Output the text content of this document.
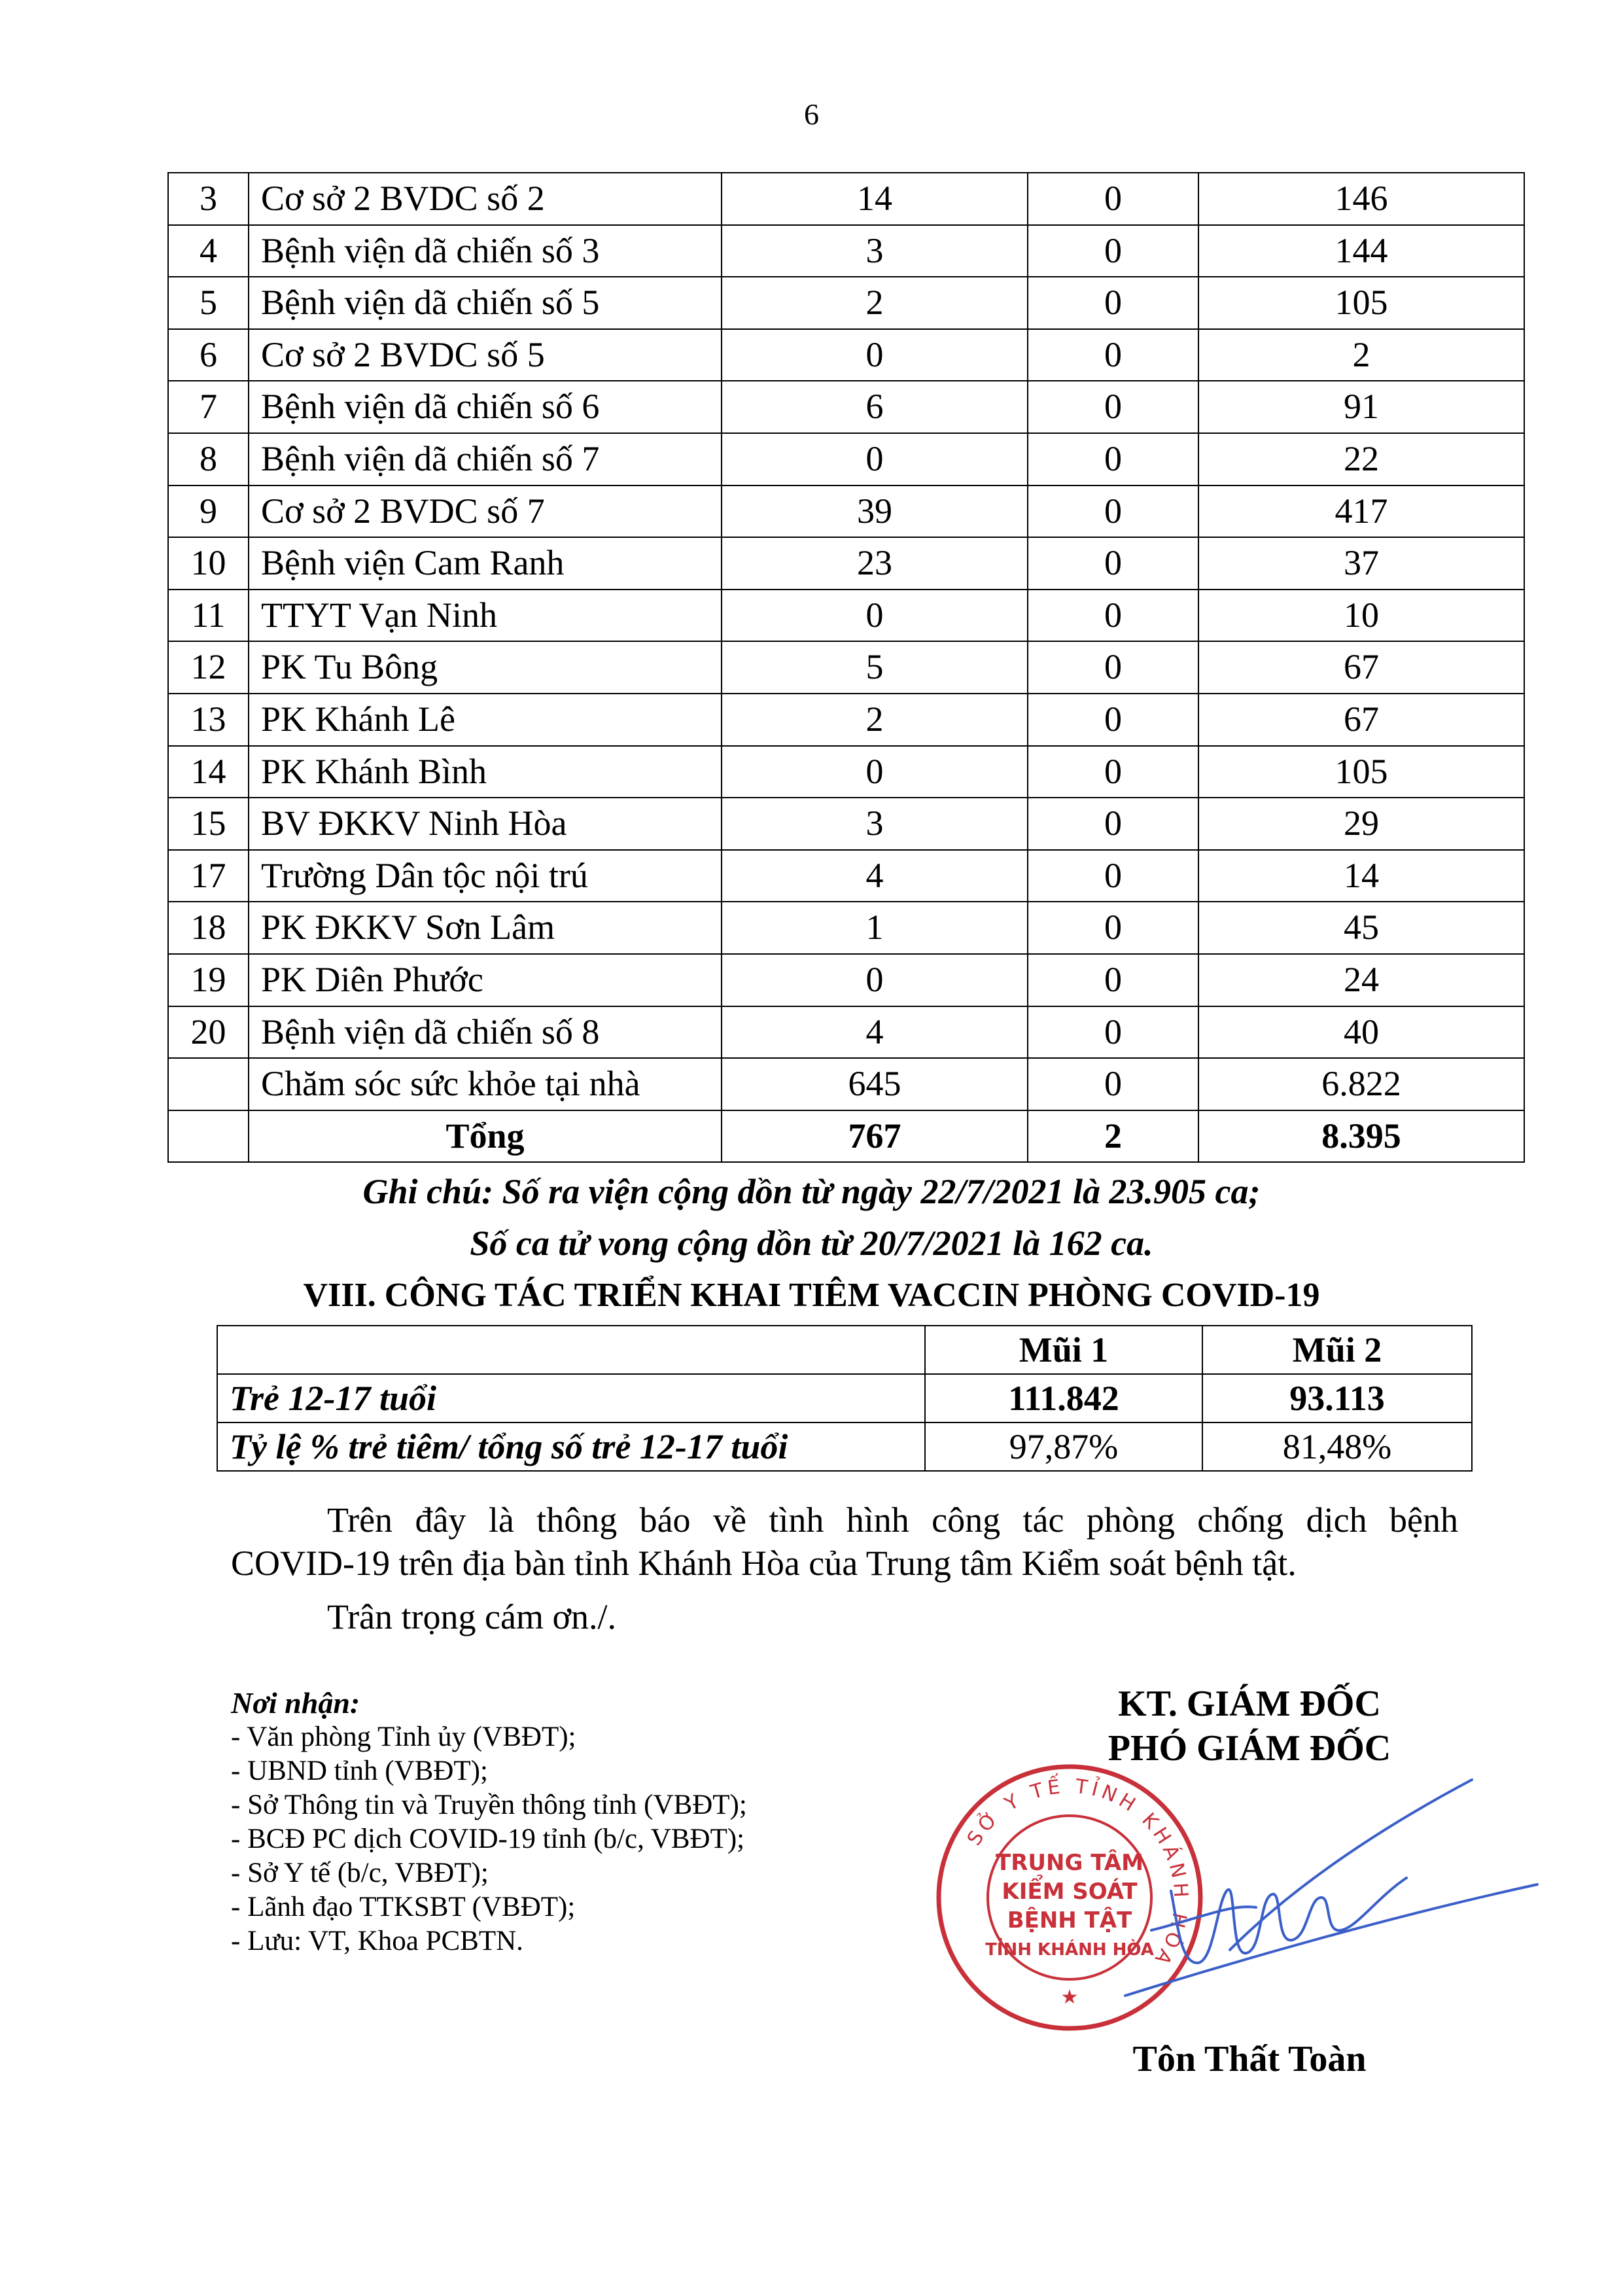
6
3	Cơ sở 2 BVDC số 2	14	0	146
4	Bệnh viện dã chiến số 3	3	0	144
5	Bệnh viện dã chiến số 5	2	0	105
6	Cơ sở 2 BVDC số 5	0	0	2
7	Bệnh viện dã chiến số 6	6	0	91
8	Bệnh viện dã chiến số 7	0	0	22
9	Cơ sở 2 BVDC số 7	39	0	417
10	Bệnh viện Cam Ranh	23	0	37
11	TTYT Vạn Ninh	0	0	10
12	PK Tu Bông	5	0	67
13	PK Khánh Lê	2	0	67
14	PK Khánh Bình	0	0	105
15	BV ĐKKV Ninh Hòa	3	0	29
17	Trường Dân tộc nội trú	4	0	14
18	PK ĐKKV Sơn Lâm	1	0	45
19	PK Diên Phước	0	0	24
20	Bệnh viện dã chiến số 8	4	0	40
	Chăm sóc sức khỏe tại nhà	645	0	6.822
	Tổng	767	2	8.395
Ghi chú: Số ra viện cộng dồn từ ngày 22/7/2021 là 23.905 ca;
Số ca tử vong cộng dồn từ 20/7/2021 là 162 ca.
VIII. CÔNG TÁC TRIỂN KHAI TIÊM VACCIN PHÒNG COVID-19
	Mũi 1	Mũi 2
Trẻ 12-17 tuổi	111.842	93.113
Tỷ lệ % trẻ tiêm/ tổng số trẻ 12-17 tuổi	97,87%	81,48%
Trên đây là thông báo về tình hình công tác phòng chống dịch bệnh
COVID-19 trên địa bàn tỉnh Khánh Hòa của Trung tâm Kiểm soát bệnh tật.
Trân trọng cám ơn./.
Nơi nhận:
- Văn phòng Tỉnh ủy (VBĐT);
- UBND tỉnh (VBĐT);
- Sở Thông tin và Truyền thông tỉnh (VBĐT);
- BCĐ PC dịch COVID-19 tỉnh (b/c, VBĐT);
- Sở Y tế (b/c, VBĐT);
- Lãnh đạo TTKSBT (VBĐT);
- Lưu: VT, Khoa PCBTN.
KT. GIÁM ĐỐC
PHÓ GIÁM ĐỐC
SỞ Y TẾ TỈNH KHÁNH HÒA
TRUNG TÂM
KIỂM SOÁT
BỆNH TẬT
TỈNH KHÁNH HÒA
★
Tôn Thất Toàn
